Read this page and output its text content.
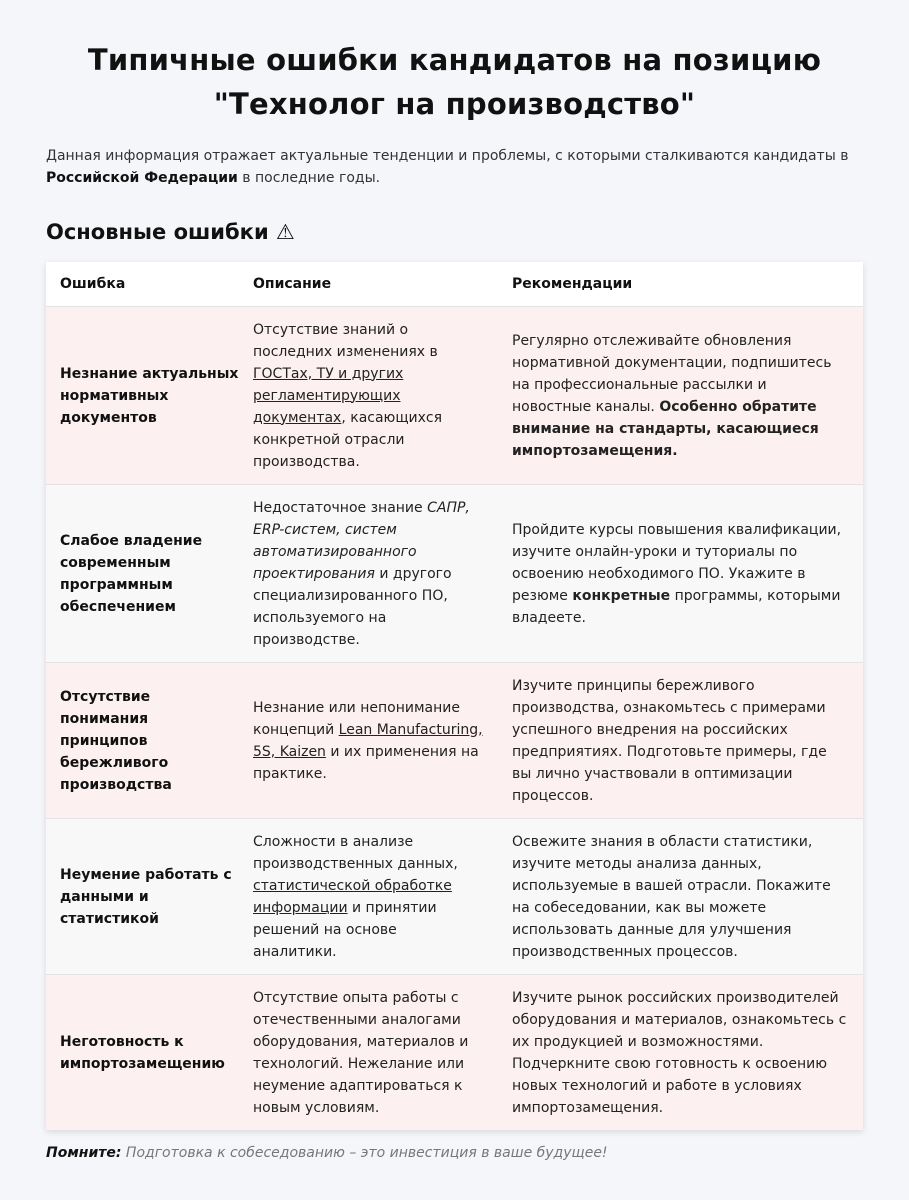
Типичные ошибки кандидатов на позицию
"Технолог на производство"
Данная информация отражает актуальные тенденции и проблемы, с которыми сталкиваются кандидаты в Российской Федерации в последние годы.
Основные ошибки ⚠
Ошибка	Описание	Рекомендации
Незнание актуальных нормативных документов
Отсутствие знаний о последних изменениях в ГОСТах, ТУ и других регламентирующих документах, касающихся конкретной отрасли производства.
Регулярно отслеживайте обновления нормативной документации, подпишитесь на профессиональные рассылки и новостные каналы. Особенно обратите внимание на стандарты, касающиеся импортозамещения.
Слабое владение современным программным обеспечением
Недостаточное знание САПР, ERP-систем, систем автоматизированного проектирования и другого специализированного ПО, используемого на производстве.
Пройдите курсы повышения квалификации, изучите онлайн-уроки и туториалы по освоению необходимого ПО. Укажите в резюме конкретные программы, которыми владеете.
Отсутствие понимания принципов бережливого производства
Незнание или непонимание концепций Lean Manufacturing, 5S, Kaizen и их применения на практике.
Изучите принципы бережливого производства, ознакомьтесь с примерами успешного внедрения на российских предприятиях. Подготовьте примеры, где вы лично участвовали в оптимизации процессов.
Неумение работать с данными и статистикой
Сложности в анализе производственных данных, статистической обработке информации и принятии решений на основе аналитики.
Освежите знания в области статистики, изучите методы анализа данных, используемые в вашей отрасли. Покажите на собеседовании, как вы можете использовать данные для улучшения производственных процессов.
Неготовность к импортозамещению
Отсутствие опыта работы с отечественными аналогами оборудования, материалов и технологий. Нежелание или неумение адаптироваться к новым условиям.
Изучите рынок российских производителей оборудования и материалов, ознакомьтесь с их продукцией и возможностями. Подчеркните свою готовность к освоению новых технологий и работе в условиях импортозамещения.
Помните: Подготовка к собеседованию – это инвестиция в ваше будущее!
